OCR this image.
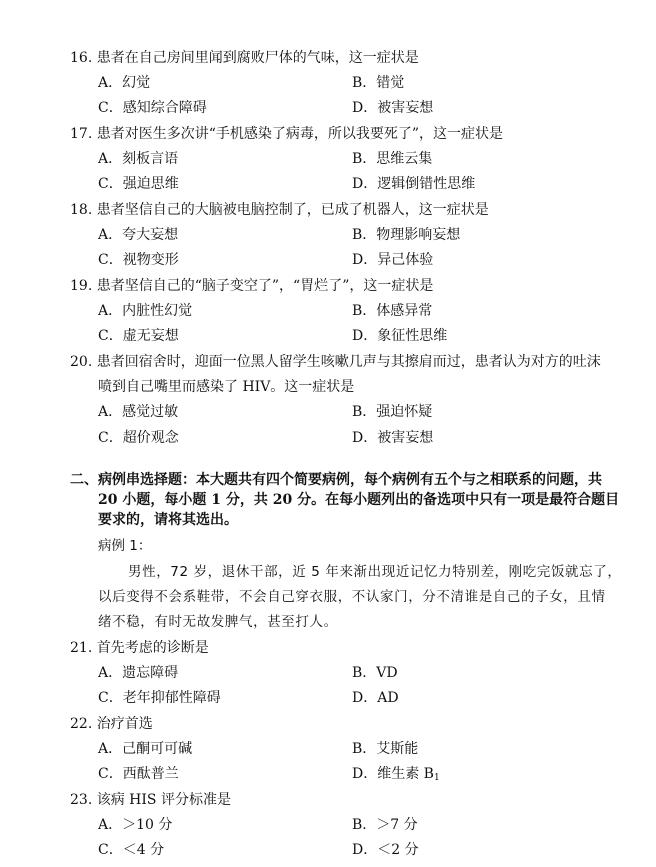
16. 患者在自己房间里闻到腐败尸体的气味，这一症状是
A．幻觉	B．错觉
C．感知综合障碍	D．被害妄想
17. 患者对医生多次讲“手机感染了病毒，所以我要死了”，这一症状是
A．刻板言语	B．思维云集
C．强迫思维	D．逻辑倒错性思维
18. 患者坚信自己的大脑被电脑控制了，已成了机器人，这一症状是
A．夸大妄想	B．物理影响妄想
C．视物变形	D．异己体验
19. 患者坚信自己的“脑子变空了”，“胃烂了”，这一症状是
A．内脏性幻觉	B．体感异常
C．虚无妄想	D．象征性思维
20. 患者回宿舍时，迎面一位黑人留学生咳嗽几声与其擦肩而过，患者认为对方的吐沫
喷到自己嘴里而感染了 HIV。这一症状是
A．感觉过敏	B．强迫怀疑
C．超价观念	D．被害妄想
二、病例串选择题：本大题共有四个简要病例，每个病例有五个与之相联系的问题，共
20 小题，每小题 1 分，共 20 分。在每小题列出的备选项中只有一项是最符合题目
要求的，请将其选出。
病例 1：
男性，72 岁，退休干部，近 5 年来渐出现近记忆力特别差，刚吃完饭就忘了，
以后变得不会系鞋带，不会自己穿衣服，不认家门，分不清谁是自己的子女，且情
绪不稳，有时无故发脾气，甚至打人。
21. 首先考虑的诊断是
A．遗忘障碍	B．VD
C．老年抑郁性障碍	D．AD
22. 治疗首选
A．己酮可可碱	B．艾斯能
C．西酞普兰	D．维生素 $B_1$
23. 该病 HIS 评分标准是
A．＞10 分	B．＞7 分
C．＜4 分	D．＜2 分
